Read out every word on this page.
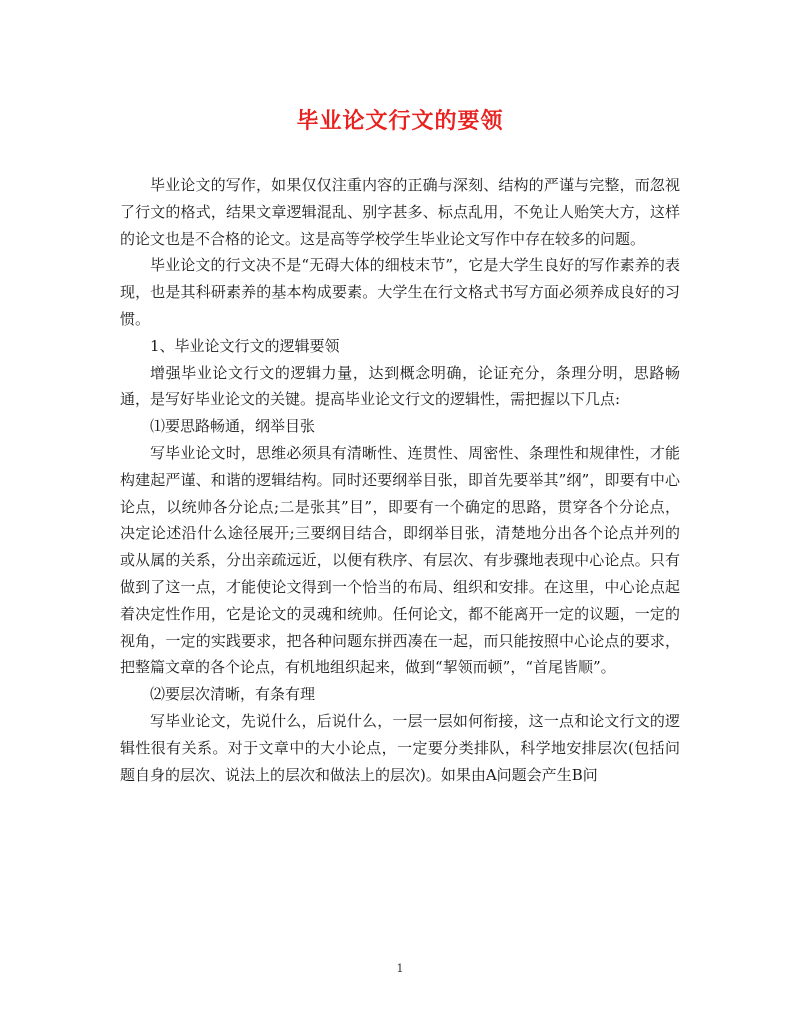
毕业论文行文的要领

毕业论文的写作，如果仅仅注重内容的正确与深刻、结构的严谨与完整，而忽视了行文的格式，结果文章逻辑混乱、别字甚多、标点乱用，不免让人贻笑大方，这样的论文也是不合格的论文。这是高等学校学生毕业论文写作中存在较多的问题。

毕业论文的行文决不是“无碍大体的细枝末节”，它是大学生良好的写作素养的表现，也是其科研素养的基本构成要素。大学生在行文格式书写方面必须养成良好的习惯。

1、毕业论文行文的逻辑要领

增强毕业论文行文的逻辑力量，达到概念明确，论证充分，条理分明，思路畅通，是写好毕业论文的关键。提高毕业论文行文的逻辑性，需把握以下几点:

⑴要思路畅通，纲举目张

写毕业论文时，思维必须具有清晰性、连贯性、周密性、条理性和规律性，才能构建起严谨、和谐的逻辑结构。同时还要纲举目张，即首先要举其”纲”，即要有中心论点，以统帅各分论点;二是张其”目”，即要有一个确定的思路，贯穿各个分论点，决定论述沿什么途径展开;三要纲目结合，即纲举目张，清楚地分出各个论点并列的或从属的关系，分出亲疏远近，以便有秩序、有层次、有步骤地表现中心论点。只有做到了这一点，才能使论文得到一个恰当的布局、组织和安排。在这里，中心论点起着决定性作用，它是论文的灵魂和统帅。任何论文，都不能离开一定的议题，一定的视角，一定的实践要求，把各种问题东拼西凑在一起，而只能按照中心论点的要求，把整篇文章的各个论点，有机地组织起来，做到“挈领而顿”，“首尾皆顺”。

⑵要层次清晰，有条有理

写毕业论文，先说什么，后说什么，一层一层如何衔接，这一点和论文行文的逻辑性很有关系。对于文章中的大小论点，一定要分类排队，科学地安排层次(包括问题自身的层次、说法上的层次和做法上的层次)。如果由A问题会产生B问

1
